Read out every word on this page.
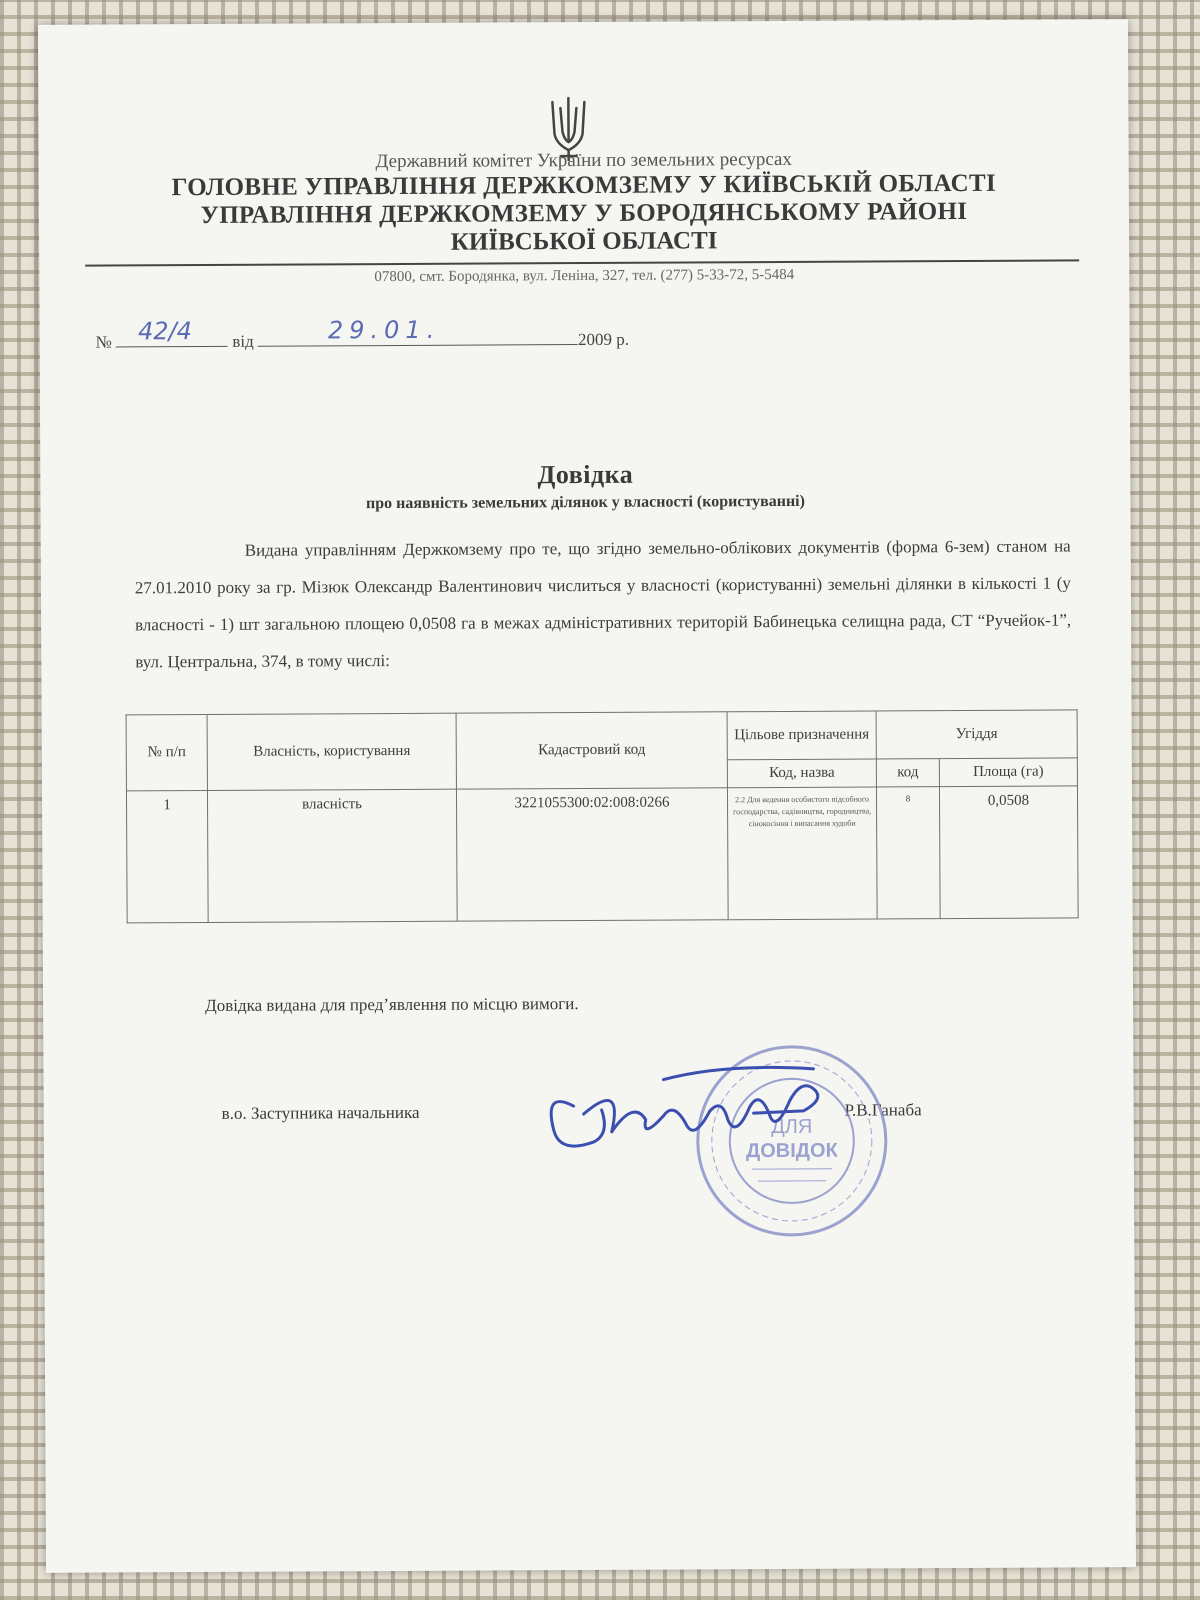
Державний комітет України по земельних ресурсах
ГОЛОВНЕ УПРАВЛІННЯ ДЕРЖКОМЗЕМУ У КИЇВСЬКІЙ ОБЛАСТІ
УПРАВЛІННЯ ДЕРЖКОМЗЕМУ У БОРОДЯНСЬКОМУ РАЙОНІ
КИЇВСЬКОЇ ОБЛАСТІ
07800, смт. Бородянка, вул. Леніна, 327, тел. (277) 5-33-72, 5-5484
№ 42/4 від	29.01.	2009 р.
Довідка
про наявність земельних ділянок у власності (користуванні)
Видана управлінням Держкомзему про те, що згідно земельно-облікових документів (форма 6-зем) станом на 27.01.2010 року за гр. Мізюк Олександр Валентинович числиться у власності (користуванні) земельні ділянки в кількості 1 (у власності - 1) шт загальною площею 0,0508 га в межах адміністративних територій Бабинецька селищна рада, СТ “Ручейок-1”, вул. Центральна, 374, в тому числі:
№ п/п	Власність, користування	Кадастровий код	Цільове призначення	Угіддя	
			Код, назва	код	Площа (га)
1	власність	3221055300:02:008:0266	2.2 Для ведення особистого підсобного господарства, садівництва, городництва, сінокосіння і випасання худоби	8	0,0508
Довідка видана для пред’явлення по місцю вимоги.
в.о. Заступника начальника	Р.В.Ганаба
ДЛЯ
ДОВІДОК
